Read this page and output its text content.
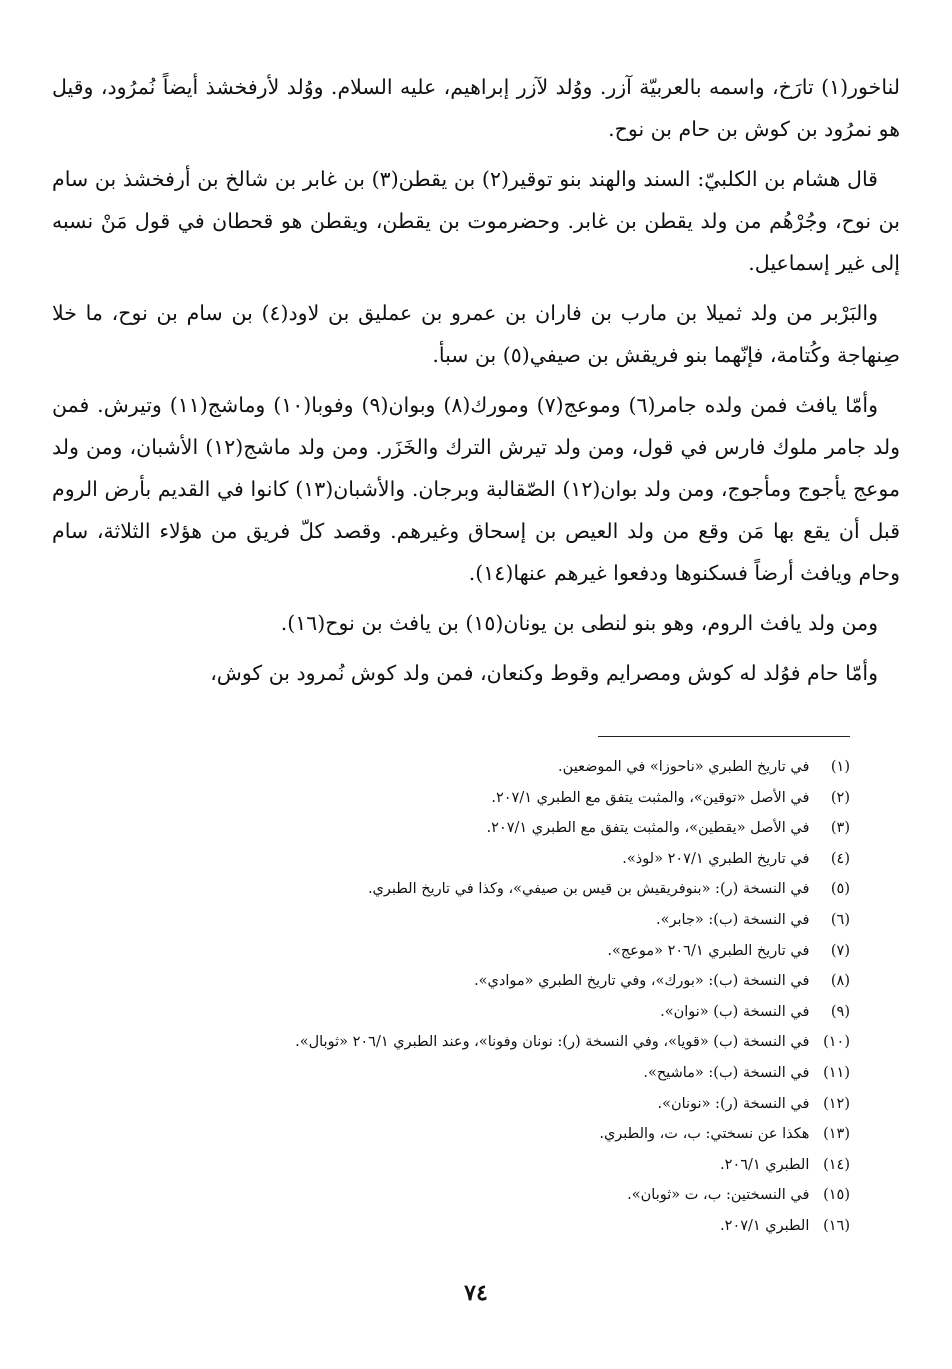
لناخور(١) تارَخ، واسمه بالعربيّة آزر. ووُلد لآزر إبراهيم، عليه السلام. ووُلد لأرفخشذ أيضاً نُمرُود، وقيل هو نمرُود بن كوش بن حام بن نوح.

قال هشام بن الكلبيّ: السند والهند بنو توقير(٢) بن يقطن(٣) بن غابر بن شالخ بن أرفخشذ بن سام بن نوح، وجُرْهُم من ولد يقطن بن غابر. وحضرموت بن يقطن، ويقطن هو قحطان في قول مَنْ نسبه إلى غير إسماعيل.

والبَرْبر من ولد ثميلا بن مارب بن فاران بن عمرو بن عمليق بن لاود(٤) بن سام بن نوح، ما خلا صِنهاجة وكُتامة، فإنّهما بنو فريقش بن صيفي(٥) بن سبأ.

وأمّا يافث فمن ولده جامر(٦) وموعج(٧) ومورك(٨) وبوان(٩) وفوبا(١٠) وماشج(١١) وتيرش. فمن ولد جامر ملوك فارس في قول، ومن ولد تيرش الترك والخَزَر. ومن ولد ماشج(١٢) الأشبان، ومن ولد موعج يأجوج ومأجوج، ومن ولد بوان(١٢) الصّقالبة وبرجان. والأشبان(١٣) كانوا في القديم بأرض الروم قبل أن يقع بها مَن وقع من ولد العيص بن إسحاق وغيرهم. وقصد كلّ فريق من هؤلاء الثلاثة، سام وحام ويافث أرضاً فسكنوها ودفعوا غيرهم عنها(١٤).

ومن ولد يافث الروم، وهو بنو لنطى بن يونان(١٥) بن يافث بن نوح(١٦).

وأمّا حام فوُلد له كوش ومصرايم وقوط وكنعان، فمن ولد كوش نُمرود بن كوش،

(١) في تاريخ الطبري «ناحوزا» في الموضعين.
(٢) في الأصل «توقين»، والمثبت يتفق مع الطبري ٢٠٧/١.
(٣) في الأصل «يقطين»، والمثبت يتفق مع الطبري ٢٠٧/١.
(٤) في تاريخ الطبري ٢٠٧/١ «لوذ».
(٥) في النسخة (ر): «بنوفريقيش بن قيس بن صيفي»، وكذا في تاريخ الطبري.
(٦) في النسخة (ب): «جابر».
(٧) في تاريخ الطبري ٢٠٦/١ «موعج».
(٨) في النسخة (ب): «بورك»، وفي تاريخ الطبري «موادي».
(٩) في النسخة (ب) «نوان».
(١٠) في النسخة (ب) «قويا»، وفي النسخة (ر): نونان وفونا»، وعند الطبري ٢٠٦/١ «ثوبال».
(١١) في النسخة (ب): «ماشيح».
(١٢) في النسخة (ر): «نونان».
(١٣) هكذا عن نسختي: ب، ت، والطبري.
(١٤) الطبري ٢٠٦/١.
(١٥) في النسختين: ب، ت «ثوبان».
(١٦) الطبري ٢٠٧/١.
٧٤
